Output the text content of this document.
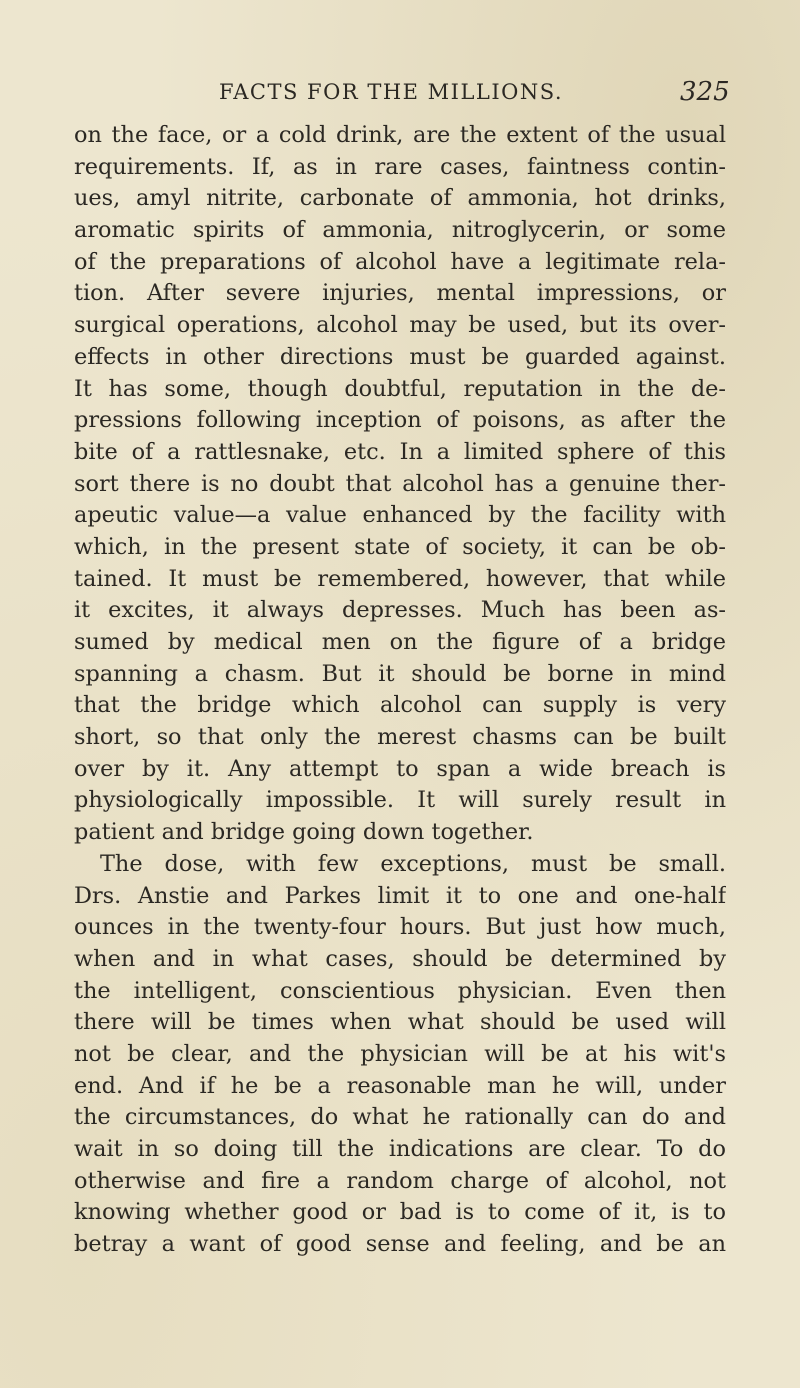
FACTS FOR THE MILLIONS.	325
on the face, or a cold drink, are the extent of the usual
requirements. If, as in rare cases, faintness contin-
ues, amyl nitrite, carbonate of ammonia, hot drinks,
aromatic spirits of ammonia, nitroglycerin, or some
of the preparations of alcohol have a legitimate rela-
tion. After severe injuries, mental impressions, or
surgical operations, alcohol may be used, but its over-
effects in other directions must be guarded against.
It has some, though doubtful, reputation in the de-
pressions following inception of poisons, as after the
bite of a rattlesnake, etc. In a limited sphere of this
sort there is no doubt that alcohol has a genuine ther-
apeutic value—a value enhanced by the facility with
which, in the present state of society, it can be ob-
tained. It must be remembered, however, that while
it excites, it always depresses. Much has been as-
sumed by medical men on the figure of a bridge
spanning a chasm. But it should be borne in mind
that the bridge which alcohol can supply is very
short, so that only the merest chasms can be built
over by it. Any attempt to span a wide breach is
physiologically impossible. It will surely result in
patient and bridge going down together.
The dose, with few exceptions, must be small.
Drs. Anstie and Parkes limit it to one and one-half
ounces in the twenty-four hours. But just how much,
when and in what cases, should be determined by
the intelligent, conscientious physician. Even then
there will be times when what should be used will
not be clear, and the physician will be at his wit's
end. And if he be a reasonable man he will, under
the circumstances, do what he rationally can do and
wait in so doing till the indications are clear. To do
otherwise and fire a random charge of alcohol, not
knowing whether good or bad is to come of it, is to
betray a want of good sense and feeling, and be an
